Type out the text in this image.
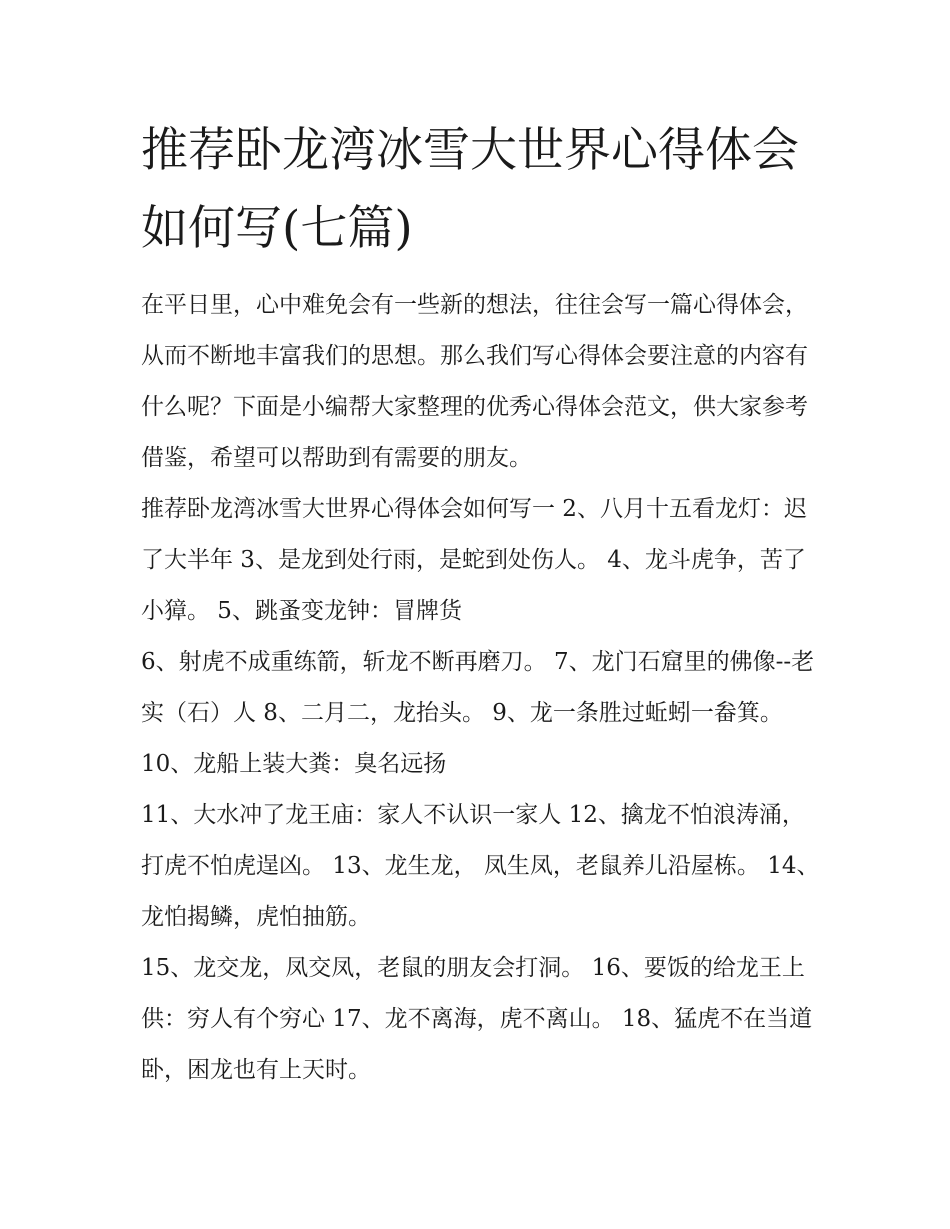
推荐卧龙湾冰雪大世界心得体会如何写(七篇)

在平日里，心中难免会有一些新的想法，往往会写一篇心得体会，从而不断地丰富我们的思想。那么我们写心得体会要注意的内容有什么呢？下面是小编帮大家整理的优秀心得体会范文，供大家参考借鉴，希望可以帮助到有需要的朋友。

推荐卧龙湾冰雪大世界心得体会如何写一 2、八月十五看龙灯：迟了大半年 3、是龙到处行雨，是蛇到处伤人。 4、龙斗虎争，苦了小獐。 5、跳蚤变龙钟：冒牌货

6、射虎不成重练箭，斩龙不断再磨刀。 7、龙门石窟里的佛像--老实（石）人 8、二月二，龙抬头。 9、龙一条胜过蚯蚓一畚箕。 10、龙船上装大粪：臭名远扬

11、大水冲了龙王庙：家人不认识一家人 12、擒龙不怕浪涛涌，打虎不怕虎逞凶。 13、龙生龙， 凤生凤，老鼠养儿沿屋栋。 14、龙怕揭鳞，虎怕抽筋。

15、龙交龙，凤交凤，老鼠的朋友会打洞。 16、要饭的给龙王上供：穷人有个穷心 17、龙不离海，虎不离山。 18、猛虎不在当道卧，困龙也有上天时。
